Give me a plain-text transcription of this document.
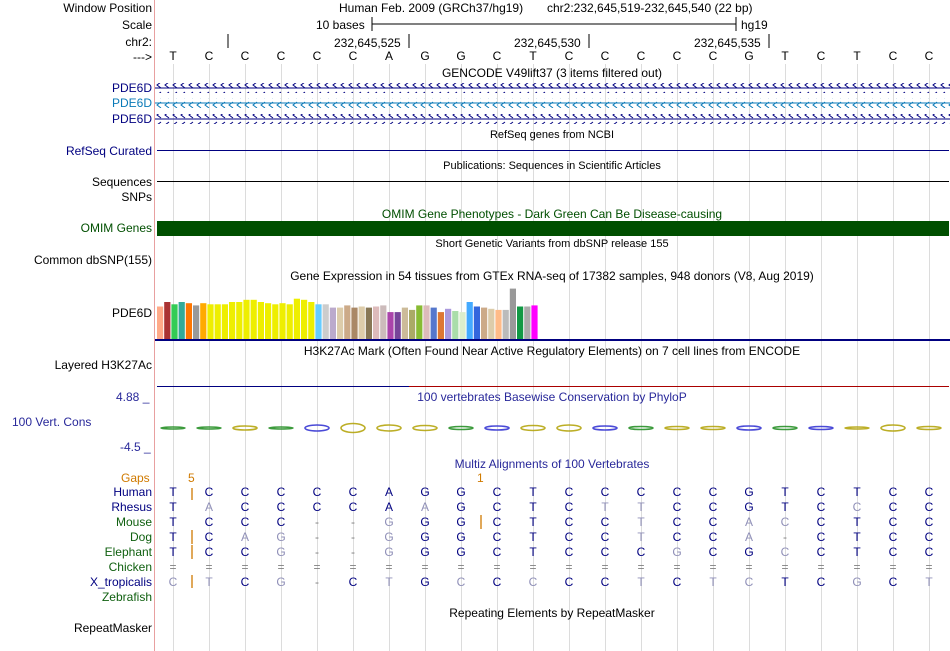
Window Position	Human Feb. 2009 (GRCh37/hg19) chr2:232,645,519-232,645,540 (22 bp)
Scale	10 bases	hg19
chr2:	232,645,525	232,645,530	232,645,535
---> T C C C C C A G G C T C C C C C G T C T C C
GENCODE V49lift37 (3 items filtered out)
PDE6D
PDE6D
PDE6D
RefSeq genes from NCBI
RefSeq Curated
Publications: Sequences in Scientific Articles
Sequences
SNPs
OMIM Gene Phenotypes - Dark Green Can Be Disease-causing
OMIM Genes
Short Genetic Variants from dbSNP release 155
Common dbSNP(155)
Gene Expression in 54 tissues from GTEx RNA-seq of 17382 samples, 948 donors (V8, Aug 2019)
PDE6D
H3K27Ac Mark (Often Found Near Active Regulatory Elements) on 7 cell lines from ENCODE
Layered H3K27Ac
100 vertebrates Basewise Conservation by PhyloP
4.88 _
100 Vert. Cons
-4.5 _
Multiz Alignments of 100 Vertebrates
Gaps	5	1
Human T C C C C C A G G C T C C C C C G T C T C C
Rhesus T A C C C C A A G C T C T T C C G T C C C C
Mouse T C C C -	- G G G C T C C T C C A C C T C C
Dog T C A G -	- G G G C T C C T C C A	- C T C C
Elephant T C C G -	- G G G C T C C C G C G C C T C C
Chicken = = = = = = = = = = = = = = = = = = = = = =
X_tropicalis C T C G - C T G C C C C C T C T C T C G C T
Zebrafish
Repeating Elements by RepeatMasker
RepeatMasker
